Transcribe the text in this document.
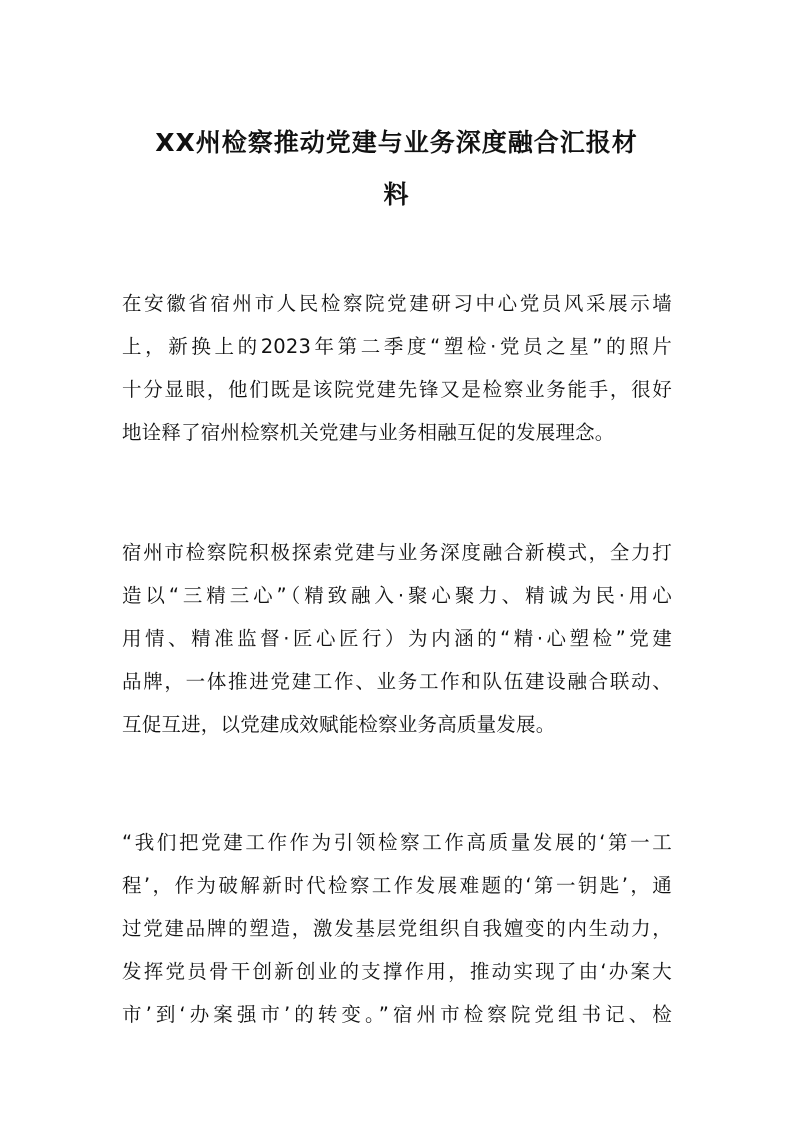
XX州检察推动党建与业务深度融合汇报材
料
在安徽省宿州市人民检察院党建研习中心党员风采展示墙
上，新换上的2023年第二季度“塑检·党员之星”的照片
十分显眼，他们既是该院党建先锋又是检察业务能手，很好
地诠释了宿州检察机关党建与业务相融互促的发展理念。
宿州市检察院积极探索党建与业务深度融合新模式，全力打
造以“三精三心”（精致融入·聚心聚力、精诚为民·用心
用情、精准监督·匠心匠行）为内涵的“精·心塑检”党建
品牌，一体推进党建工作、业务工作和队伍建设融合联动、
互促互进，以党建成效赋能检察业务高质量发展。
“我们把党建工作作为引领检察工作高质量发展的‘第一工
程’，作为破解新时代检察工作发展难题的‘第一钥匙’，通
过党建品牌的塑造，激发基层党组织自我嬗变的内生动力，
发挥党员骨干创新创业的支撑作用，推动实现了由‘办案大
市’到‘办案强市’的转变。”宿州市检察院党组书记、检
